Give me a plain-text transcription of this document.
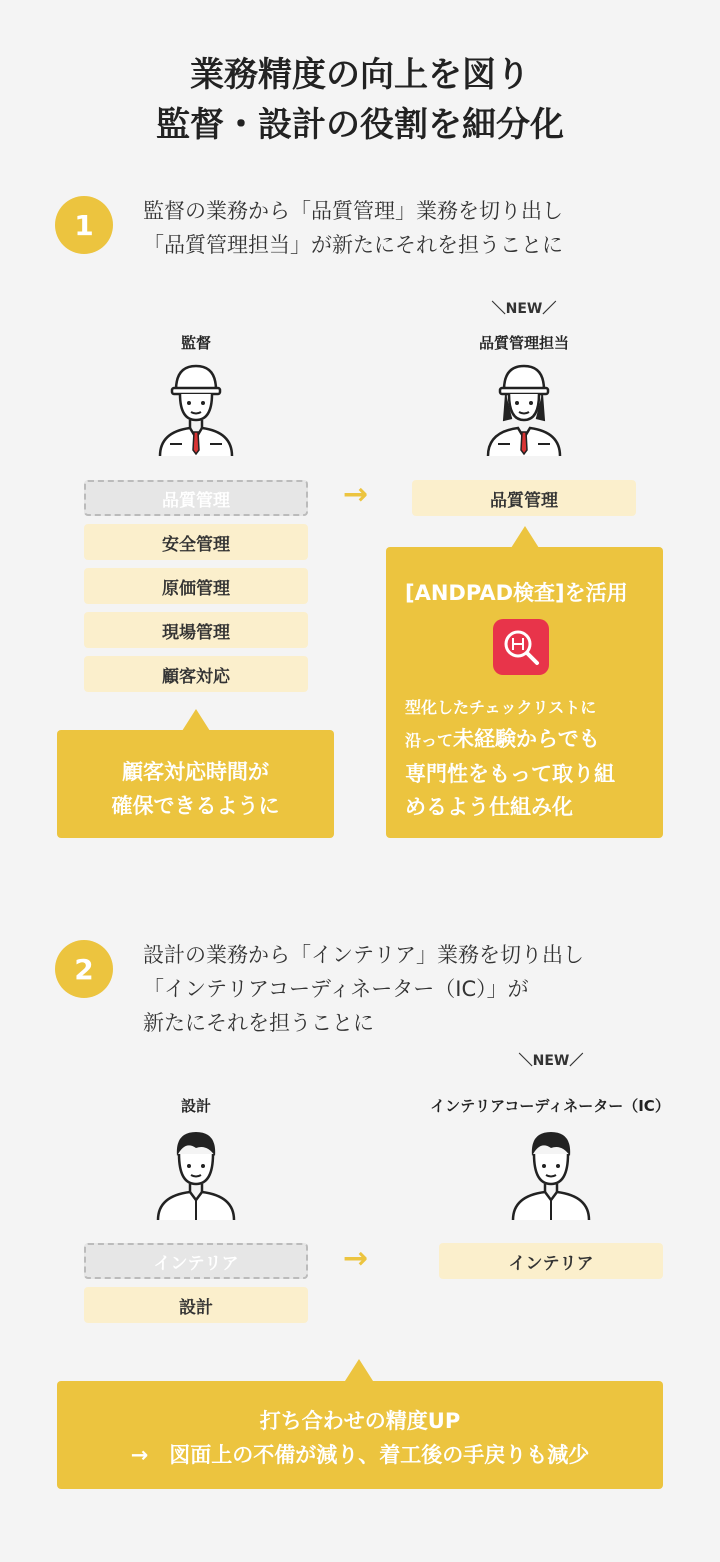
業務精度の向上を図り
監督・設計の役割を細分化
1	監督の業務から「品質管理」業務を切り出し
「品質管理担当」が新たにそれを担うことに
＼NEW／
監督	品質管理担当
品質管理
安全管理
原価管理
現場管理
顧客対応
→	品質管理
[ANDPAD検査]を活用
型化したチェックリストに
沿って未経験からでも
専門性をもって取り組
めるよう仕組み化
顧客対応時間が
確保できるように
2	設計の業務から「インテリア」業務を切り出し
「インテリアコーディネーター（IC）」が
新たにそれを担うことに
＼NEW／
設計	インテリアコーディネーター（IC）
インテリア
設計
→	インテリア
打ち合わせの精度UP
→　図面上の不備が減り、着工後の手戻りも減少
